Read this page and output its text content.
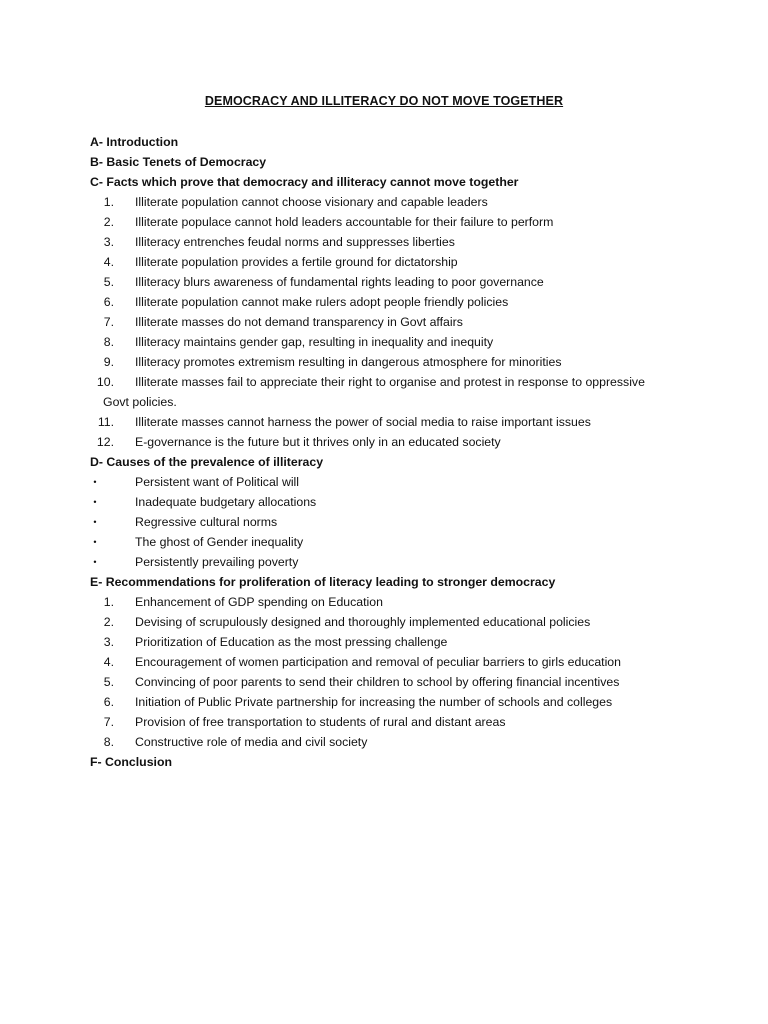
DEMOCRACY AND ILLITERACY DO NOT MOVE TOGETHER
A- Introduction
B- Basic Tenets of Democracy
C- Facts which prove that democracy and illiteracy cannot move together
1. Illiterate population cannot choose visionary and capable leaders
2. Illiterate populace cannot hold leaders accountable for their failure to perform
3. Illiteracy entrenches feudal norms and suppresses liberties
4. Illiterate population provides a fertile ground for dictatorship
5. Illiteracy blurs awareness of fundamental rights leading to poor governance
6. Illiterate population cannot make rulers adopt people friendly policies
7. Illiterate masses do not demand transparency in Govt affairs
8. Illiteracy maintains gender gap, resulting in inequality and inequity
9. Illiteracy promotes extremism resulting in dangerous atmosphere for minorities
10. Illiterate masses fail to appreciate their right to organise and protest in response to oppressive
Govt policies.
11. Illiterate masses cannot harness the power of social media to raise important issues
12. E-governance is the future but it thrives only in an educated society
D- Causes of the prevalence of illiteracy
•	Persistent want of Political will
•	Inadequate budgetary allocations
•	Regressive cultural norms
•	The ghost of Gender inequality
•	Persistently prevailing poverty
E- Recommendations for proliferation of literacy leading to stronger democracy
1. Enhancement of GDP spending on Education
2. Devising of scrupulously designed and thoroughly implemented educational policies
3. Prioritization of Education as the most pressing challenge
4. Encouragement of women participation and removal of peculiar barriers to girls education
5. Convincing of poor parents to send their children to school by offering financial incentives
6. Initiation of Public Private partnership for increasing the number of schools and colleges
7. Provision of free transportation to students of rural and distant areas
8. Constructive role of media and civil society
F- Conclusion
